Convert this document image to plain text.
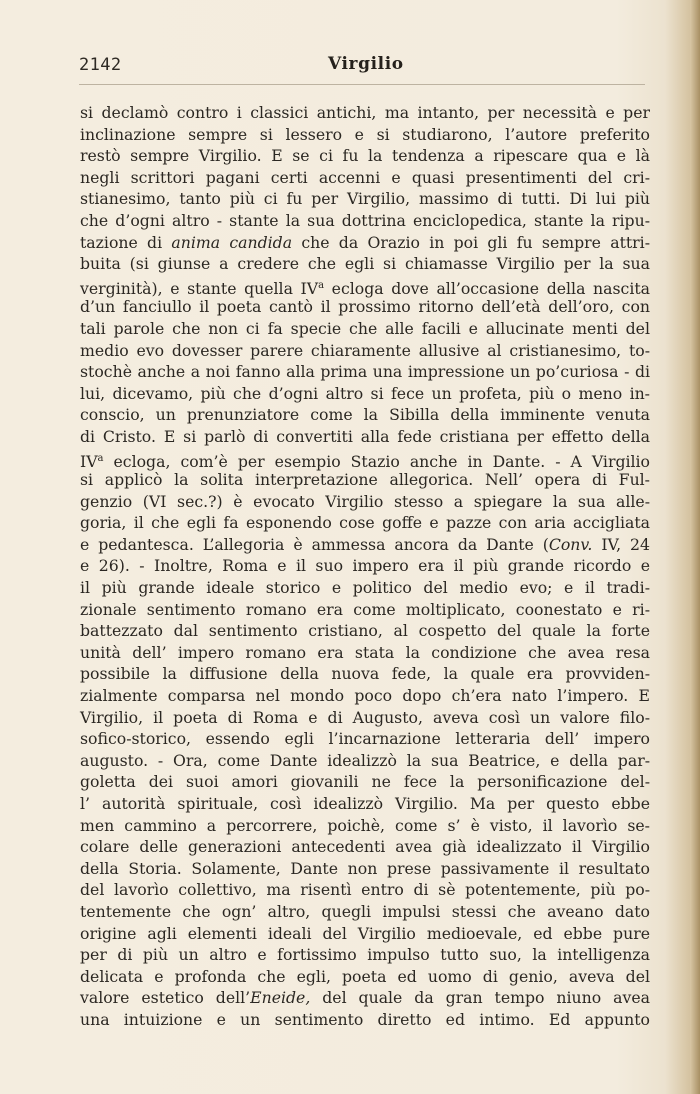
2142	Virgilio
si declamò contro i classici antichi, ma intanto, per necessità e per
inclinazione sempre si lessero e si studiarono, l’autore preferito
restò sempre Virgilio. E se ci fu la tendenza a ripescare qua e là
negli scrittori pagani certi accenni e quasi presentimenti del cri-
stianesimo, tanto più ci fu per Virgilio, massimo di tutti. Di lui più
che d’ogni altro - stante la sua dottrina enciclopedica, stante la ripu-
tazione di anima candida che da Orazio in poi gli fu sempre attri-
buita (si giunse a credere che egli si chiamasse Virgilio per la sua
verginità), e stante quella $IV^a$ ecloga dove all’occasione della nascita
d’un fanciullo il poeta cantò il prossimo ritorno dell’età dell’oro, con
tali parole che non ci fa specie che alle facili e allucinate menti del
medio evo dovesser parere chiaramente allusive al cristianesimo, to-
stochè anche a noi fanno alla prima una impressione un po’curiosa - di
lui, dicevamo, più che d’ogni altro si fece un profeta, più o meno in-
conscio, un prenunziatore come la Sibilla della imminente venuta
di Cristo. E si parlò di convertiti alla fede cristiana per effetto della
$IV^a$ ecloga, com’è per esempio Stazio anche in Dante. - A Virgilio
si applicò la solita interpretazione allegorica. Nell’ opera di Ful-
genzio (VI sec.?) è evocato Virgilio stesso a spiegare la sua alle-
goria, il che egli fa esponendo cose goffe e pazze con aria accigliata
e pedantesca. L’allegoria è ammessa ancora da Dante (Conv. IV, 24
e 26). - Inoltre, Roma e il suo impero era il più grande ricordo e
il più grande ideale storico e politico del medio evo; e il tradi-
zionale sentimento romano era come moltiplicato, coonestato e ri-
battezzato dal sentimento cristiano, al cospetto del quale la forte
unità dell’ impero romano era stata la condizione che avea resa
possibile la diffusione della nuova fede, la quale era provviden-
zialmente comparsa nel mondo poco dopo ch’era nato l’impero. E
Virgilio, il poeta di Roma e di Augusto, aveva così un valore filo-
sofico-storico, essendo egli l’incarnazione letteraria dell’ impero
augusto. - Ora, come Dante idealizzò la sua Beatrice, e della par-
goletta dei suoi amori giovanili ne fece la personificazione del-
l’ autorità spirituale, così idealizzò Virgilio. Ma per questo ebbe
men cammino a percorrere, poichè, come s’ è visto, il lavorìo se-
colare delle generazioni antecedenti avea già idealizzato il Virgilio
della Storia. Solamente, Dante non prese passivamente il resultato
del lavorìo collettivo, ma risentì entro di sè potentemente, più po-
tentemente che ogn’ altro, quegli impulsi stessi che aveano dato
origine agli elementi ideali del Virgilio medioevale, ed ebbe pure
per di più un altro e fortissimo impulso tutto suo, la intelligenza
delicata e profonda che egli, poeta ed uomo di genio, aveva del
valore estetico dell’Eneide, del quale da gran tempo niuno avea
una intuizione e un sentimento diretto ed intimo. Ed appunto
